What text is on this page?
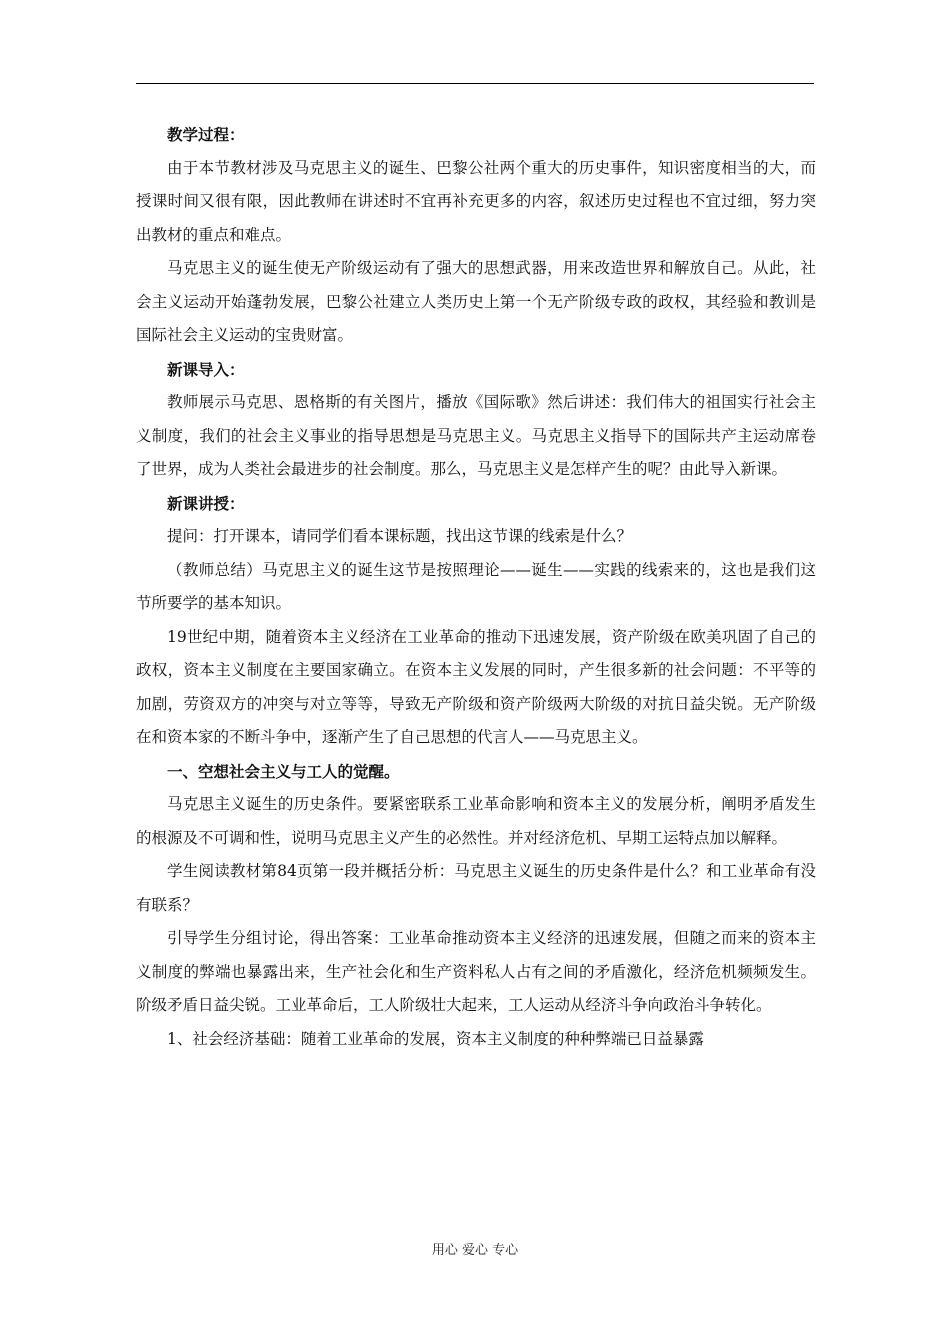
教学过程：

由于本节教材涉及马克思主义的诞生、巴黎公社两个重大的历史事件，知识密度相当的大，而授课时间又很有限，因此教师在讲述时不宜再补充更多的内容，叙述历史过程也不宜过细，努力突出教材的重点和难点。

马克思主义的诞生使无产阶级运动有了强大的思想武器，用来改造世界和解放自己。从此，社会主义运动开始蓬勃发展，巴黎公社建立人类历史上第一个无产阶级专政的政权，其经验和教训是国际社会主义运动的宝贵财富。

新课导入：

教师展示马克思、恩格斯的有关图片，播放《国际歌》然后讲述：我们伟大的祖国实行社会主义制度，我们的社会主义事业的指导思想是马克思主义。马克思主义指导下的国际共产主运动席卷了世界，成为人类社会最进步的社会制度。那么，马克思主义是怎样产生的呢？由此导入新课。

新课讲授：

提问：打开课本，请同学们看本课标题，找出这节课的线索是什么？

（教师总结）马克思主义的诞生这节是按照理论——诞生——实践的线索来的，这也是我们这节所要学的基本知识。

19世纪中期，随着资本主义经济在工业革命的推动下迅速发展，资产阶级在欧美巩固了自己的政权，资本主义制度在主要国家确立。在资本主义发展的同时，产生很多新的社会问题：不平等的加剧，劳资双方的冲突与对立等等，导致无产阶级和资产阶级两大阶级的对抗日益尖锐。无产阶级在和资本家的不断斗争中，逐渐产生了自己思想的代言人——马克思主义。

一、空想社会主义与工人的觉醒。

马克思主义诞生的历史条件。要紧密联系工业革命影响和资本主义的发展分析，阐明矛盾发生的根源及不可调和性，说明马克思主义产生的必然性。并对经济危机、早期工运特点加以解释。

学生阅读教材第84页第一段并概括分析：马克思主义诞生的历史条件是什么？和工业革命有没有联系？

引导学生分组讨论，得出答案：工业革命推动资本主义经济的迅速发展，但随之而来的资本主义制度的弊端也暴露出来，生产社会化和生产资料私人占有之间的矛盾激化，经济危机频频发生。阶级矛盾日益尖锐。工业革命后，工人阶级壮大起来，工人运动从经济斗争向政治斗争转化。

1、社会经济基础：随着工业革命的发展，资本主义制度的种种弊端已日益暴露

用心 爱心 专心
